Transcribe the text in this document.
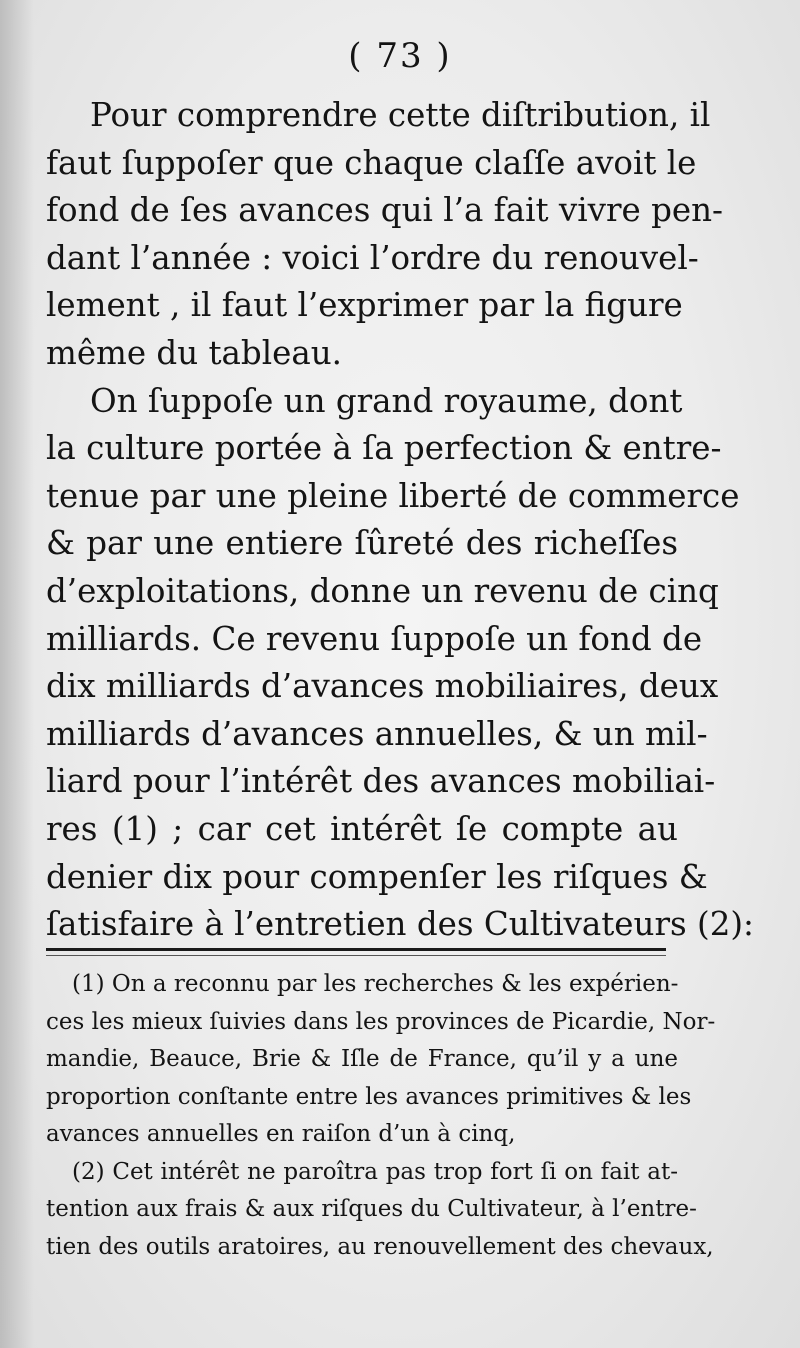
( 73 )

Pour comprendre cette diſtribution, il
faut ſuppoſer que chaque claſſe avoit le
fond de ſes avances qui l’a fait vivre pen-
dant l’année : voici l’ordre du renouvel-
lement , il faut l’exprimer par la figure
même du tableau.

On ſuppoſe un grand royaume, dont
la culture portée à ſa perfection & entre-
tenue par une pleine liberté de commerce
& par une entiere ſûreté des richeſſes
d’exploitations, donne un revenu de cinq
milliards. Ce revenu ſuppoſe un fond de
dix milliards d’avances mobiliaires, deux
milliards d’avances annuelles, & un mil-
liard pour l’intérêt des avances mobiliai-
res (1) ; car cet intérêt ſe compte au
denier dix pour compenſer les riſques &
ſatisfaire à l’entretien des Cultivateurs (2):

(1) On a reconnu par les recherches & les expérien-
ces les mieux ſuivies dans les provinces de Picardie, Nor-
mandie, Beauce, Brie & Iſle de France, qu’il y a une
proportion conſtante entre les avances primitives & les
avances annuelles en raiſon d’un à cinq,

(2) Cet intérêt ne paroîtra pas trop fort ſi on fait at-
tention aux frais & aux riſques du Cultivateur, à l’entre-
tien des outils aratoires, au renouvellement des chevaux,
